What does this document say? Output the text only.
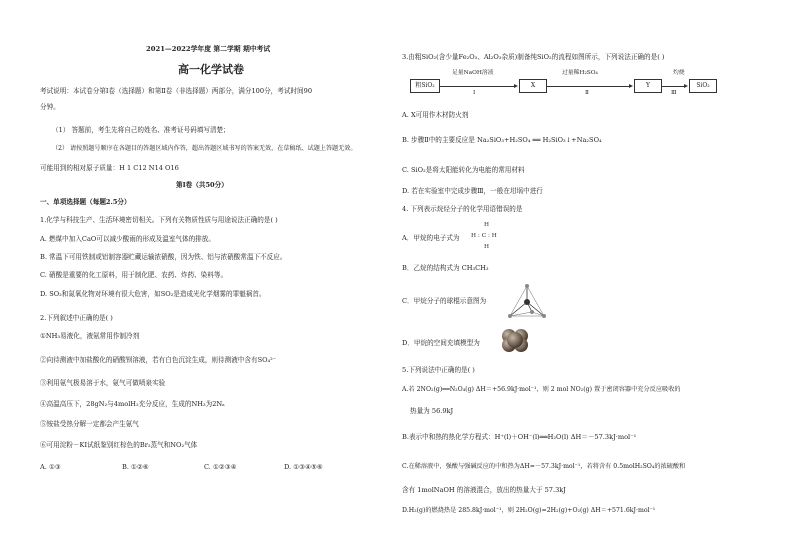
2021—2022学年度 第二学期 期中考试
高一化学试卷
考试说明：本试卷分第Ⅰ卷（选择题）和第Ⅱ卷（非选择题）两部分，满分100分，考试时间90
分钟。
（1） 答题前，考生先将自己的姓名、准考证号码填写清楚；
（2） 请按照题号顺序在各题目的答题区域内作答，超出答题区域书写的答案无效，在草稿纸、试题上答题无效。
可能用到的相对原子质量：H 1 C12 N14 O16
第Ⅰ卷（共50分）
一、单项选择题（每题2.5分）
1.化学与科技生产、生活环境密切相关。下列有关物质性质与用途说法正确的是( )
A. 燃煤中加入CaO可以减少酸雨的形成及温室气体的排放。
B. 常温下可用铁制或铝制容器贮藏运输浓硝酸，因为铁、铝与浓硝酸常温下不反应。
C. 硝酸是重要的化工原料，用于制化肥、农药、炸药、染料等。
D. SO₂和氮氧化物对环境有很大危害，如SO₂是造成光化学烟雾的罪魁祸首。
2.下列叙述中正确的是( )
①NH₃易液化，液氨常用作制冷剂
②向待测液中加盐酸化的硝酸钡溶液，若有白色沉淀生成，则待测液中含有SO₄²⁻
③利用氨气极易溶于水，氨气可做喷泉实验
④高温高压下，28gN₂与4molH₂充分反应，生成的NH₃为2Nₐ
⑤铵盐受热分解一定都会产生氨气
⑥可用淀粉－KI试纸鉴别红棕色的Br₂蒸气和NO₂气体
A. ①③	B. ①②⑥	C. ①②③④	D. ①③④⑤⑥
3.由粗SiO₂(含少量Fe₂O₃、Al₂O₃杂质)制备纯SiO₂的流程如图所示，下列说法正确的是( )
粗SiO₂
足量NaOH溶液
Ⅰ
X
过量稀H₂SO₄
Ⅱ
Y
灼烧
Ⅲ
SiO₂
A. X可用作木材防火剂
B. 步骤Ⅱ中的主要反应是 Na₂SiO₃+H₂SO₄ ══ H₂SiO₃↓+Na₂SO₄
C. SiO₂是将太阳能转化为电能的常用材料
D. 若在实验室中完成步骤Ⅲ，一般在坩埚中进行
4. 下列表示烷烃分子的化学用语错误的是
A．甲烷的电子式为
H
H : C : H
H
B．乙烷的结构式为 CH₃CH₃
C．甲烷分子的球棍示意图为
D．甲烷的空间充填模型为
5.下列说法中正确的是( )
A.若 2NO₂(g)══N₂O₄(g) ΔH＝+56.9kJ·mol⁻¹，则 2 mol NO₂(g) 置于密闭容器中充分反应吸收的
热量为 56.9kJ
B.表示中和热的热化学方程式：H⁺(l)＋OH⁻(l)══H₂O(l) ΔH＝－57.3kJ·mol⁻¹
C.在稀溶液中，强酸与强碱反应的中和热为ΔH=－57.3kJ·mol⁻¹，若将含有 0.5molH₂SO₄的浓硫酸和
含有 1molNaOH 的溶液混合，放出的热量大于 57.3kJ
D.H₂(g)的燃烧热是 285.8kJ·mol⁻¹，则 2H₂O(g)=2H₂(g)+O₂(g) ΔH＝+571.6kJ·mol⁻¹
